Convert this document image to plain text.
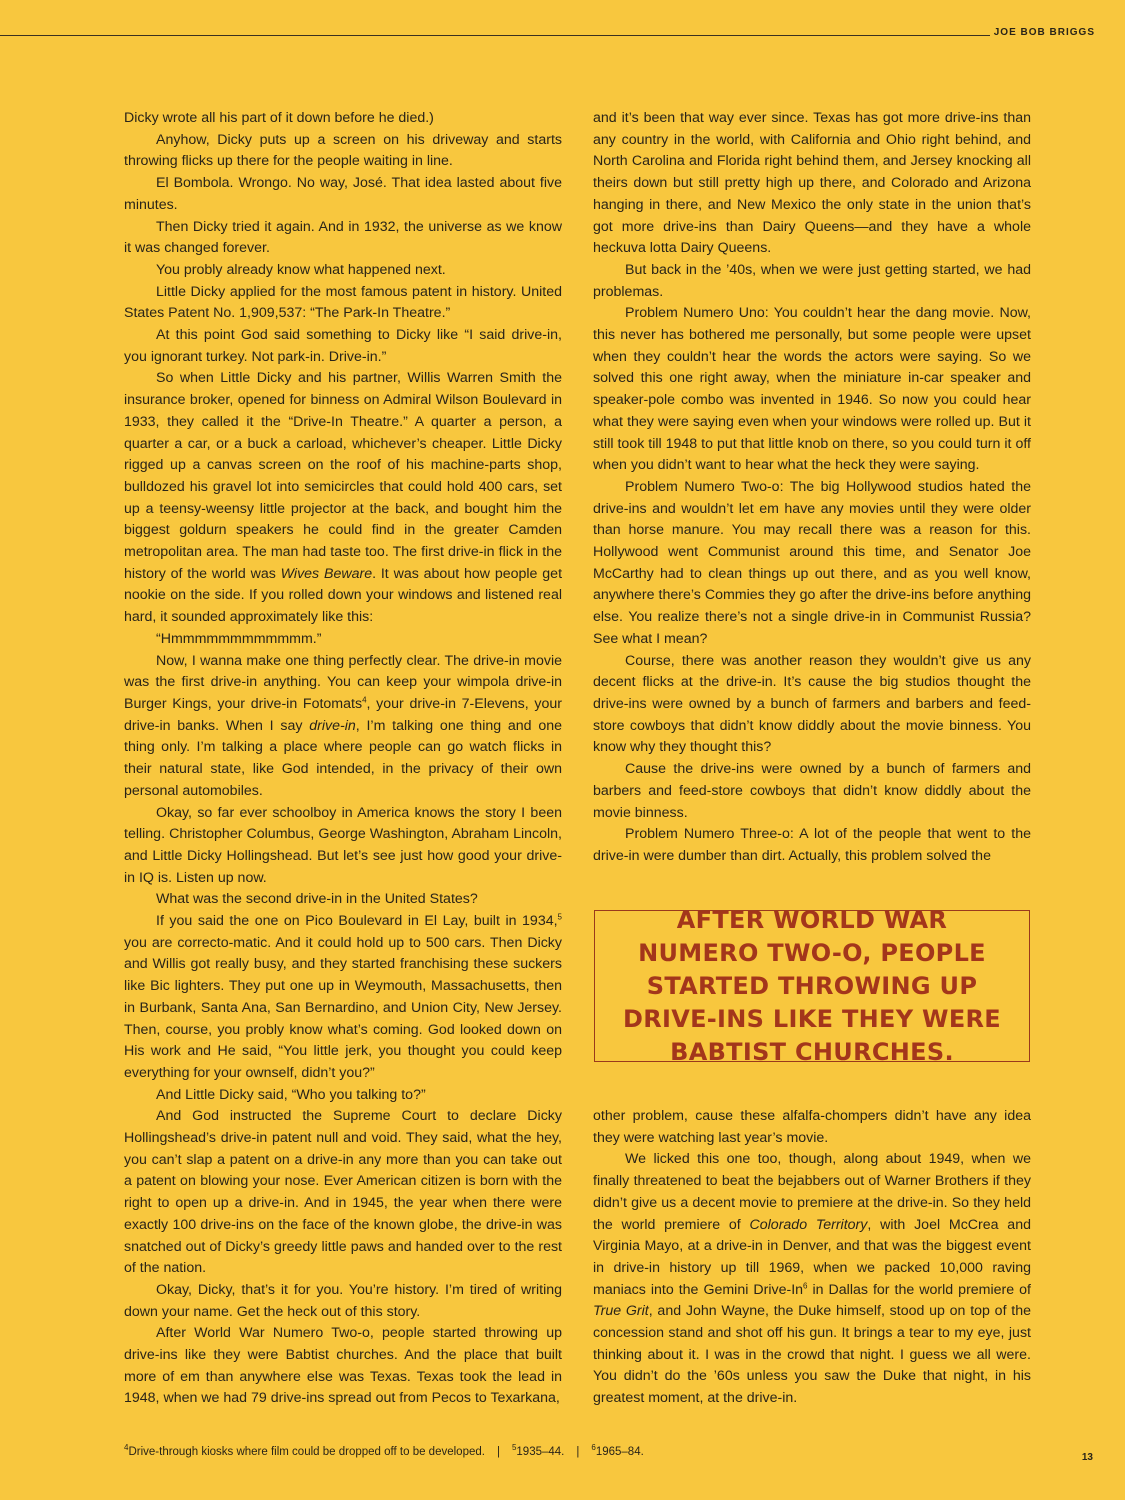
JOE BOB BRIGGS

Dicky wrote all his part of it down before he died.)

Anyhow, Dicky puts up a screen on his driveway and starts throwing flicks up there for the people waiting in line.

El Bombola. Wrongo. No way, José. That idea lasted about five minutes.

Then Dicky tried it again. And in 1932, the universe as we know it was changed forever.

You probly already know what happened next.

Little Dicky applied for the most famous patent in history. United States Patent No. 1,909,537: “The Park-In Theatre.”

At this point God said something to Dicky like “I said drive-in, you ignorant turkey. Not park-in. Drive-in.”

So when Little Dicky and his partner, Willis Warren Smith the insurance broker, opened for binness on Admiral Wilson Boulevard in 1933, they called it the “Drive-In Theatre.” A quarter a person, a quarter a car, or a buck a carload, whichever’s cheaper. Little Dicky rigged up a canvas screen on the roof of his machine-parts shop, bulldozed his gravel lot into semicircles that could hold 400 cars, set up a teensy-weensy little projector at the back, and bought him the biggest goldurn speakers he could find in the greater Camden metropolitan area. The man had taste too. The first drive-in flick in the history of the world was Wives Beware. It was about how people get nookie on the side. If you rolled down your windows and listened real hard, it sounded approximately like this:

“Hmmmmmmmmmmmm.”

Now, I wanna make one thing perfectly clear. The drive-in movie was the first drive-in anything. You can keep your wimpola drive-in Burger Kings, your drive-in Fotomats$^4$, your drive-in 7-Elevens, your drive-in banks. When I say drive-in, I’m talking one thing and one thing only. I’m talking a place where people can go watch flicks in their natural state, like God intended, in the privacy of their own personal automobiles.

Okay, so far ever schoolboy in America knows the story I been telling. Christopher Columbus, George Washington, Abraham Lincoln, and Little Dicky Hollingshead. But let’s see just how good your drive-in IQ is. Listen up now.

What was the second drive-in in the United States?

If you said the one on Pico Boulevard in El Lay, built in 1934,$^5$ you are correcto-matic. And it could hold up to 500 cars. Then Dicky and Willis got really busy, and they started franchising these suckers like Bic lighters. They put one up in Weymouth, Massachusetts, then in Burbank, Santa Ana, San Bernardino, and Union City, New Jersey. Then, course, you probly know what’s coming. God looked down on His work and He said, “You little jerk, you thought you could keep everything for your ownself, didn’t you?”

And Little Dicky said, “Who you talking to?”

And God instructed the Supreme Court to declare Dicky Hollingshead’s drive-in patent null and void. They said, what the hey, you can’t slap a patent on a drive-in any more than you can take out a patent on blowing your nose. Ever American citizen is born with the right to open up a drive-in. And in 1945, the year when there were exactly 100 drive-ins on the face of the known globe, the drive-in was snatched out of Dicky’s greedy little paws and handed over to the rest of the nation.

Okay, Dicky, that’s it for you. You’re history. I’m tired of writing down your name. Get the heck out of this story.

After World War Numero Two-o, people started throwing up drive-ins like they were Babtist churches. And the place that built more of em than anywhere else was Texas. Texas took the lead in 1948, when we had 79 drive-ins spread out from Pecos to Texarkana,

and it’s been that way ever since. Texas has got more drive-ins than any country in the world, with California and Ohio right behind, and North Carolina and Florida right behind them, and Jersey knocking all theirs down but still pretty high up there, and Colorado and Arizona hanging in there, and New Mexico the only state in the union that’s got more drive-ins than Dairy Queens—and they have a whole heckuva lotta Dairy Queens.

But back in the ’40s, when we were just getting started, we had problemas.

Problem Numero Uno: You couldn’t hear the dang movie. Now, this never has bothered me personally, but some people were upset when they couldn’t hear the words the actors were saying. So we solved this one right away, when the miniature in-car speaker and speaker-pole combo was invented in 1946. So now you could hear what they were saying even when your windows were rolled up. But it still took till 1948 to put that little knob on there, so you could turn it off when you didn’t want to hear what the heck they were saying.

Problem Numero Two-o: The big Hollywood studios hated the drive-ins and wouldn’t let em have any movies until they were older than horse manure. You may recall there was a reason for this. Hollywood went Communist around this time, and Senator Joe McCarthy had to clean things up out there, and as you well know, anywhere there’s Commies they go after the drive-ins before anything else. You realize there’s not a single drive-in in Communist Russia? See what I mean?

Course, there was another reason they wouldn’t give us any decent flicks at the drive-in. It’s cause the big studios thought the drive-ins were owned by a bunch of farmers and barbers and feed-store cowboys that didn’t know diddly about the movie binness. You know why they thought this?

Cause the drive-ins were owned by a bunch of farmers and barbers and feed-store cowboys that didn’t know diddly about the movie binness.

Problem Numero Three-o: A lot of the people that went to the drive-in were dumber than dirt. Actually, this problem solved the

AFTER WORLD WAR NUMERO TWO-O, PEOPLE STARTED THROWING UP DRIVE-INS LIKE THEY WERE BABTIST CHURCHES.

other problem, cause these alfalfa-chompers didn’t have any idea they were watching last year’s movie.

We licked this one too, though, along about 1949, when we finally threatened to beat the bejabbers out of Warner Brothers if they didn’t give us a decent movie to premiere at the drive-in. So they held the world premiere of Colorado Territory, with Joel McCrea and Virginia Mayo, at a drive-in in Denver, and that was the biggest event in drive-in history up till 1969, when we packed 10,000 raving maniacs into the Gemini Drive-In$^6$ in Dallas for the world premiere of True Grit, and John Wayne, the Duke himself, stood up on top of the concession stand and shot off his gun. It brings a tear to my eye, just thinking about it. I was in the crowd that night. I guess we all were. You didn’t do the ’60s unless you saw the Duke that night, in his greatest moment, at the drive-in.

$^4$Drive-through kiosks where film could be dropped off to be developed. | $^5$1935–44. | $^6$1965–84.	13
